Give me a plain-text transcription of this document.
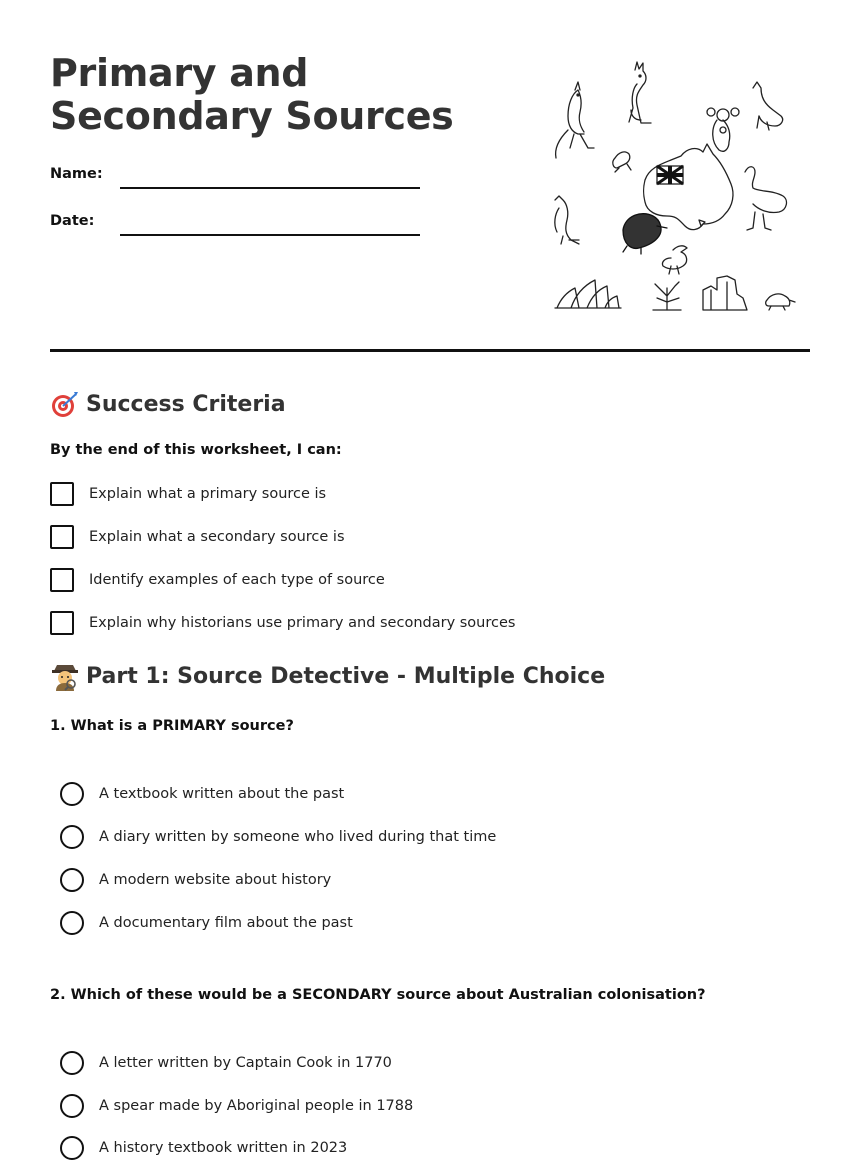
Primary and Secondary Sources
Name:
Date:
Success Criteria
By the end of this worksheet, I can:
Explain what a primary source is
Explain what a secondary source is
Identify examples of each type of source
Explain why historians use primary and secondary sources
Part 1: Source Detective - Multiple Choice
1. What is a PRIMARY source?
A textbook written about the past
A diary written by someone who lived during that time
A modern website about history
A documentary film about the past
2. Which of these would be a SECONDARY source about Australian colonisation?
A letter written by Captain Cook in 1770
A spear made by Aboriginal people in 1788
A history textbook written in 2023
